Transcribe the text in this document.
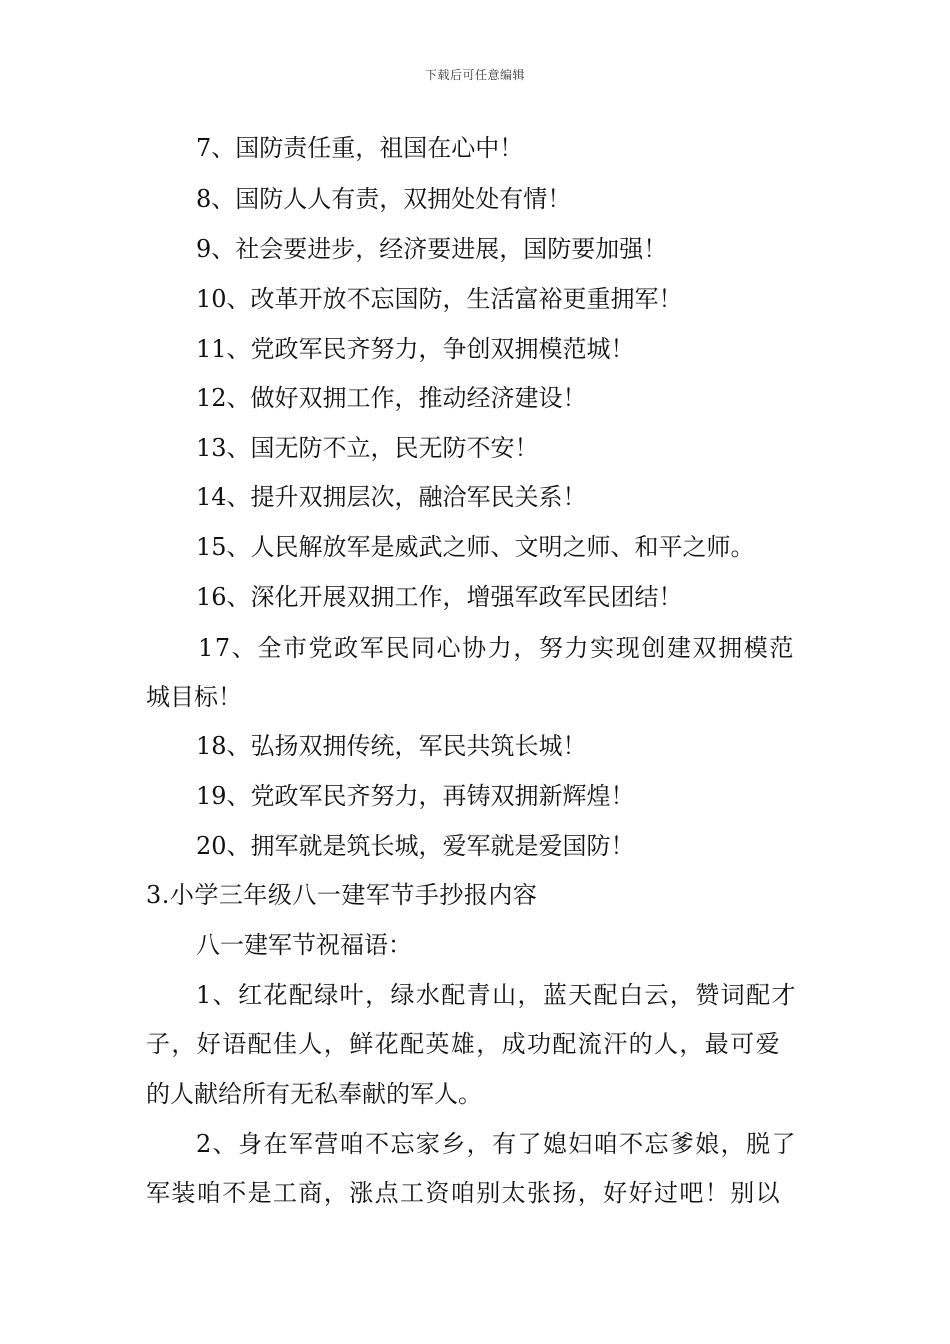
下载后可任意编辑
7、国防责任重，祖国在心中！
8、国防人人有责，双拥处处有情！
9、社会要进步，经济要进展，国防要加强！
10、改革开放不忘国防，生活富裕更重拥军！
11、党政军民齐努力，争创双拥模范城！
12、做好双拥工作，推动经济建设！
13、国无防不立，民无防不安！
14、提升双拥层次，融洽军民关系！
15、人民解放军是威武之师、文明之师、和平之师。
16、深化开展双拥工作，增强军政军民团结！
17、全市党政军民同心协力，努力实现创建双拥模范
城目标！
18、弘扬双拥传统，军民共筑长城！
19、党政军民齐努力，再铸双拥新辉煌！
20、拥军就是筑长城，爱军就是爱国防！
3.小学三年级八一建军节手抄报内容
八一建军节祝福语：
1、红花配绿叶，绿水配青山，蓝天配白云，赞词配才
子，好语配佳人，鲜花配英雄，成功配流汗的人，最可爱
的人献给所有无私奉献的军人。
2、身在军营咱不忘家乡，有了媳妇咱不忘爹娘，脱了
军装咱不是工商，涨点工资咱别太张扬，好好过吧！别以
